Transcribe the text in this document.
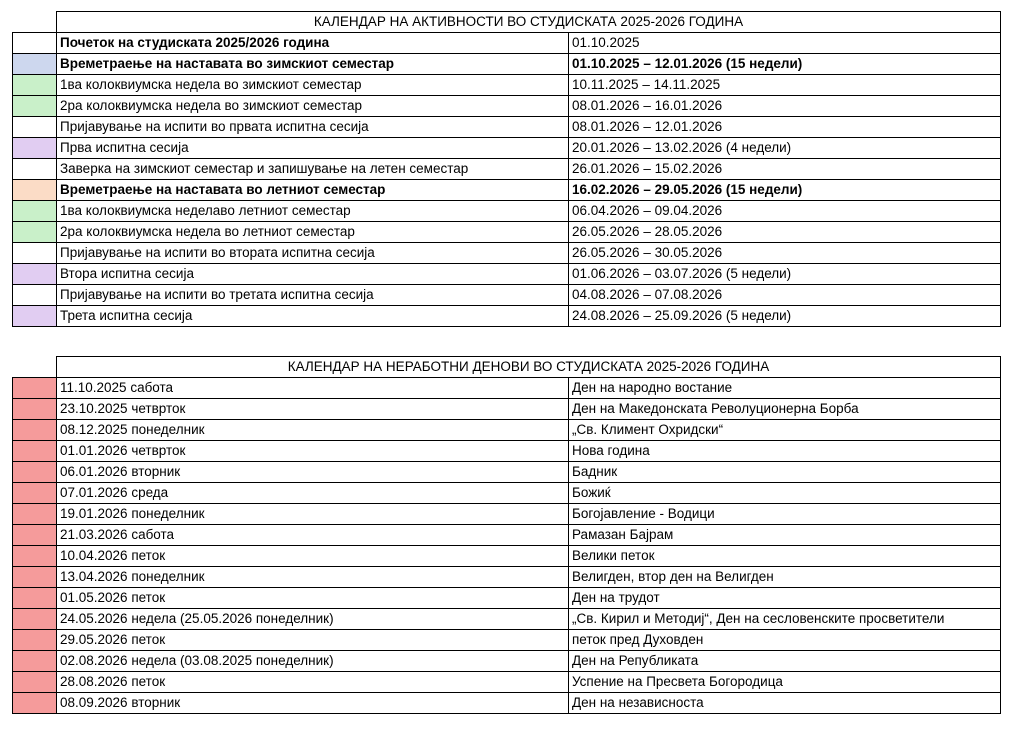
	КАЛЕНДАР НА АКТИВНОСТИ ВО СТУДИСКАТА 2025-2026 ГОДИНА	
	Почеток на студиската 2025/2026 година	01.10.2025
	Времетраење на наставата во зимскиот семестар	01.10.2025 – 12.01.2026 (15 недели)
	1ва колоквиумска недела во зимскиот семестар	10.11.2025 – 14.11.2025
	2ра колоквиумска недела во зимскиот семестар	08.01.2026 – 16.01.2026
	Пријавување на испити во првата испитна сесија	08.01.2026 – 12.01.2026
	Прва испитна сесија	20.01.2026 – 13.02.2026 (4 недели)
	Заверка на зимскиот семестар и запишување на летен семестар	26.01.2026 – 15.02.2026
	Времетраење на наставата во летниот семестар	16.02.2026 – 29.05.2026 (15 недели)
	1ва колоквиумска неделаво летниот семестар	06.04.2026 – 09.04.2026
	2ра колоквиумска недела во летниот семестар	26.05.2026 – 28.05.2026
	Пријавување на испити во втората испитна сесија	26.05.2026 – 30.05.2026
	Втора испитна сесија	01.06.2026 – 03.07.2026 (5 недели)
	Пријавување на испити во третата испитна сесија	04.08.2026 – 07.08.2026
	Трета испитна сесија	24.08.2026 – 25.09.2026 (5 недели)
	КАЛЕНДАР НА НЕРАБОТНИ ДЕНОВИ ВО СТУДИСКАТА 2025-2026 ГОДИНА	
	11.10.2025 сабота	Ден на народно востание
	23.10.2025 четврток	Ден на Македонската Револуционерна Борба
	08.12.2025 понеделник	„Св. Климент Охридски“
	01.01.2026 четврток	Нова година
	06.01.2026 вторник	Бадник
	07.01.2026 среда	Божиќ
	19.01.2026 понеделник	Богојавление - Водици
	21.03.2026 сабота	Рамазан Бајрам
	10.04.2026 петок	Велики петок
	13.04.2026 понеделник	Велигден, втор ден на Велигден
	01.05.2026 петок	Ден на трудот
	24.05.2026 недела (25.05.2026 понеделник)	„Св. Кирил и Методиј“, Ден на сесловенските просветители
	29.05.2026 петок	петок пред Духовден
	02.08.2026 недела (03.08.2025 понеделник)	Ден на Републиката
	28.08.2026 петок	Успение на Пресвета Богородица
	08.09.2026 вторник	Ден на независноста
